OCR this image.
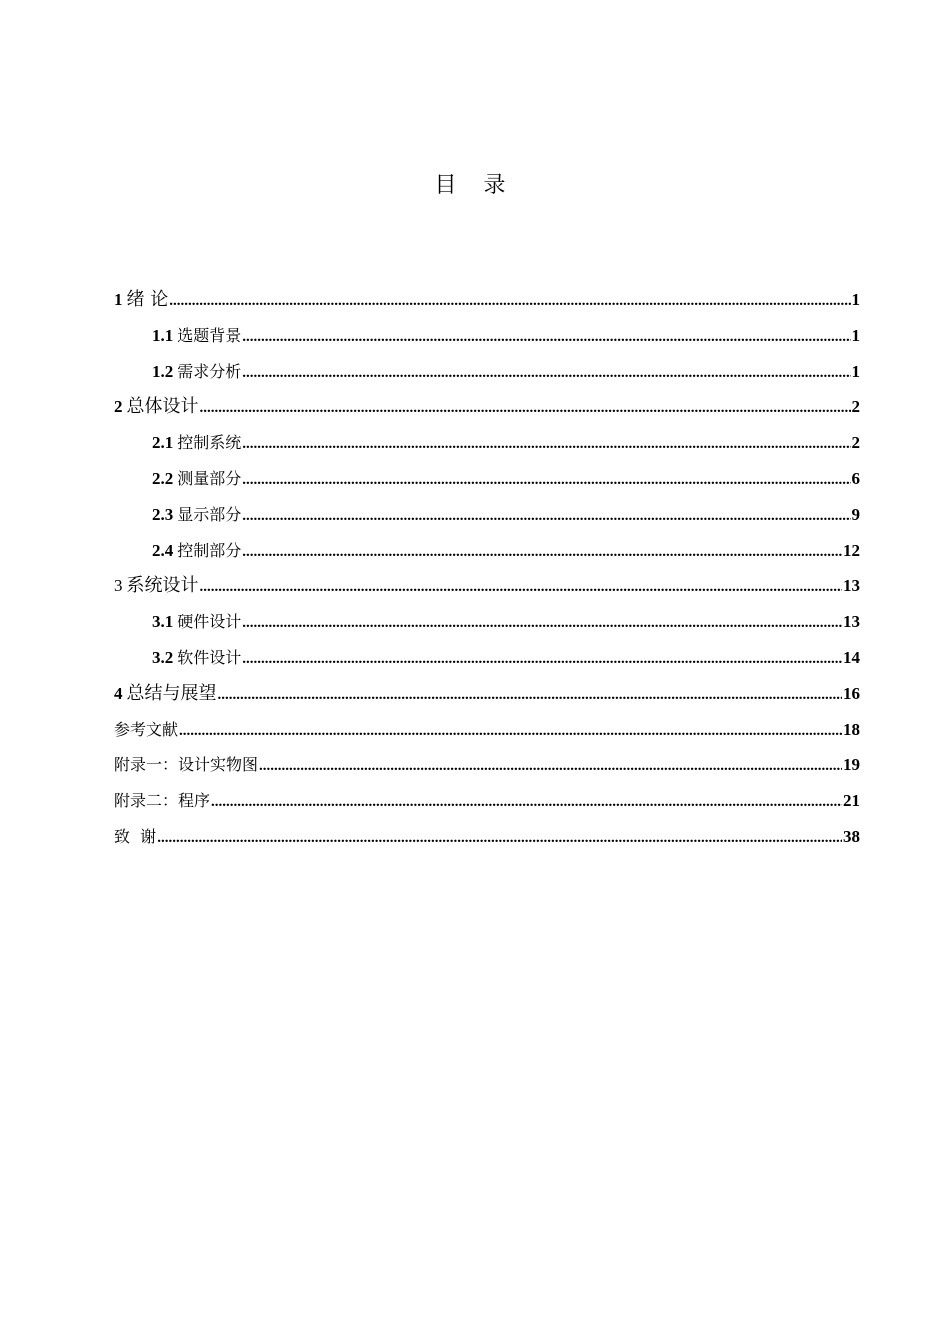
目 录
1 绪 论 .....	1
1.1 选题背景 .....	1
1.2 需求分析 .....	1
2 总体设计 .....	2
2.1 控制系统 .....	2
2.2 测量部分 .....	6
2.3 显示部分 .....	9
2.4 控制部分 .....	12
3 系统设计 .....	13
3.1 硬件设计 .....	13
3.2 软件设计 .....	14
4 总结与展望 .....	16
参考文献 .....	18
附录一：设计实物图 .....	19
附录二：程序 .....	21
致  谢 .....	38
